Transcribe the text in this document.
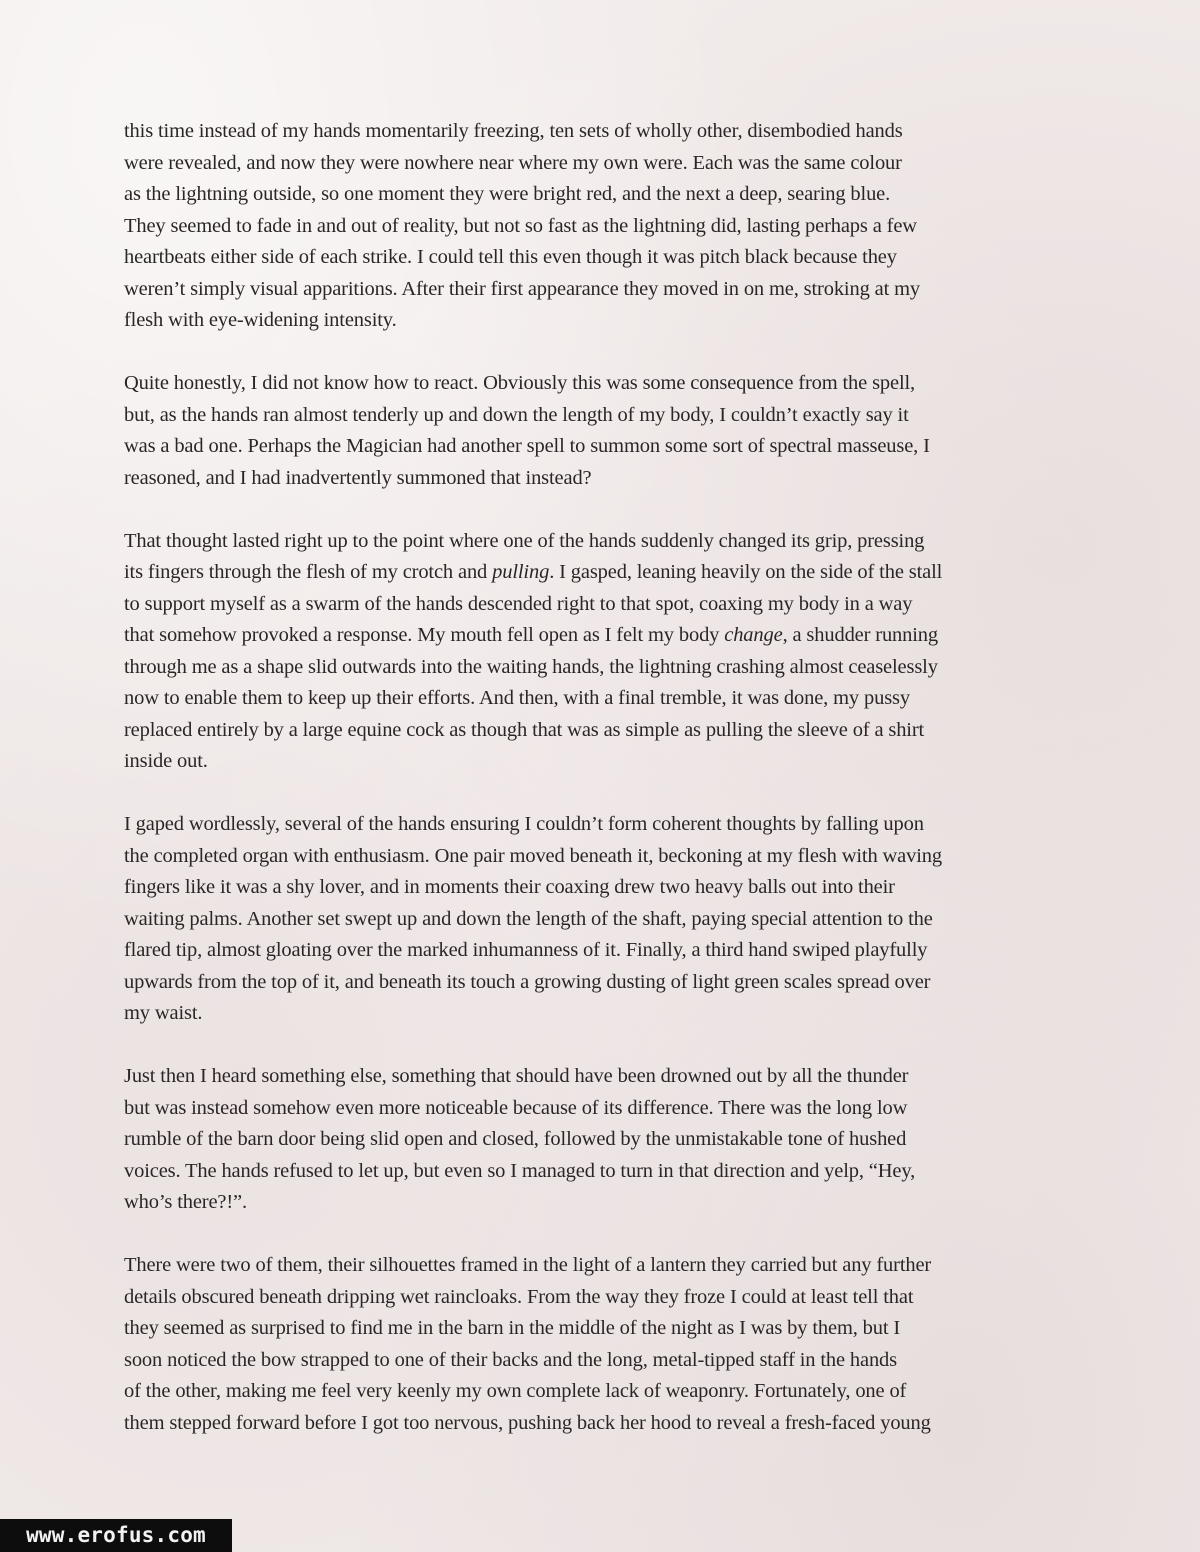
this time instead of my hands momentarily freezing, ten sets of wholly other, disembodied hands
were revealed, and now they were nowhere near where my own were. Each was the same colour
as the lightning outside, so one moment they were bright red, and the next a deep, searing blue.
They seemed to fade in and out of reality, but not so fast as the lightning did, lasting perhaps a few
heartbeats either side of each strike. I could tell this even though it was pitch black because they
weren’t simply visual apparitions. After their first appearance they moved in on me, stroking at my
flesh with eye-widening intensity.

Quite honestly, I did not know how to react. Obviously this was some consequence from the spell,
but, as the hands ran almost tenderly up and down the length of my body, I couldn’t exactly say it
was a bad one. Perhaps the Magician had another spell to summon some sort of spectral masseuse, I
reasoned, and I had inadvertently summoned that instead?

That thought lasted right up to the point where one of the hands suddenly changed its grip, pressing
its fingers through the flesh of my crotch and pulling. I gasped, leaning heavily on the side of the stall
to support myself as a swarm of the hands descended right to that spot, coaxing my body in a way
that somehow provoked a response. My mouth fell open as I felt my body change, a shudder running
through me as a shape slid outwards into the waiting hands, the lightning crashing almost ceaselessly
now to enable them to keep up their efforts. And then, with a final tremble, it was done, my pussy
replaced entirely by a large equine cock as though that was as simple as pulling the sleeve of a shirt
inside out.

I gaped wordlessly, several of the hands ensuring I couldn’t form coherent thoughts by falling upon
the completed organ with enthusiasm. One pair moved beneath it, beckoning at my flesh with waving
fingers like it was a shy lover, and in moments their coaxing drew two heavy balls out into their
waiting palms. Another set swept up and down the length of the shaft, paying special attention to the
flared tip, almost gloating over the marked inhumanness of it. Finally, a third hand swiped playfully
upwards from the top of it, and beneath its touch a growing dusting of light green scales spread over
my waist.

Just then I heard something else, something that should have been drowned out by all the thunder
but was instead somehow even more noticeable because of its difference. There was the long low
rumble of the barn door being slid open and closed, followed by the unmistakable tone of hushed
voices. The hands refused to let up, but even so I managed to turn in that direction and yelp, “Hey,
who’s there?!”.

There were two of them, their silhouettes framed in the light of a lantern they carried but any further
details obscured beneath dripping wet raincloaks. From the way they froze I could at least tell that
they seemed as surprised to find me in the barn in the middle of the night as I was by them, but I
soon noticed the bow strapped to one of their backs and the long, metal-tipped staff in the hands
of the other, making me feel very keenly my own complete lack of weaponry. Fortunately, one of
them stepped forward before I got too nervous, pushing back her hood to reveal a fresh-faced young

www.erofus.com
